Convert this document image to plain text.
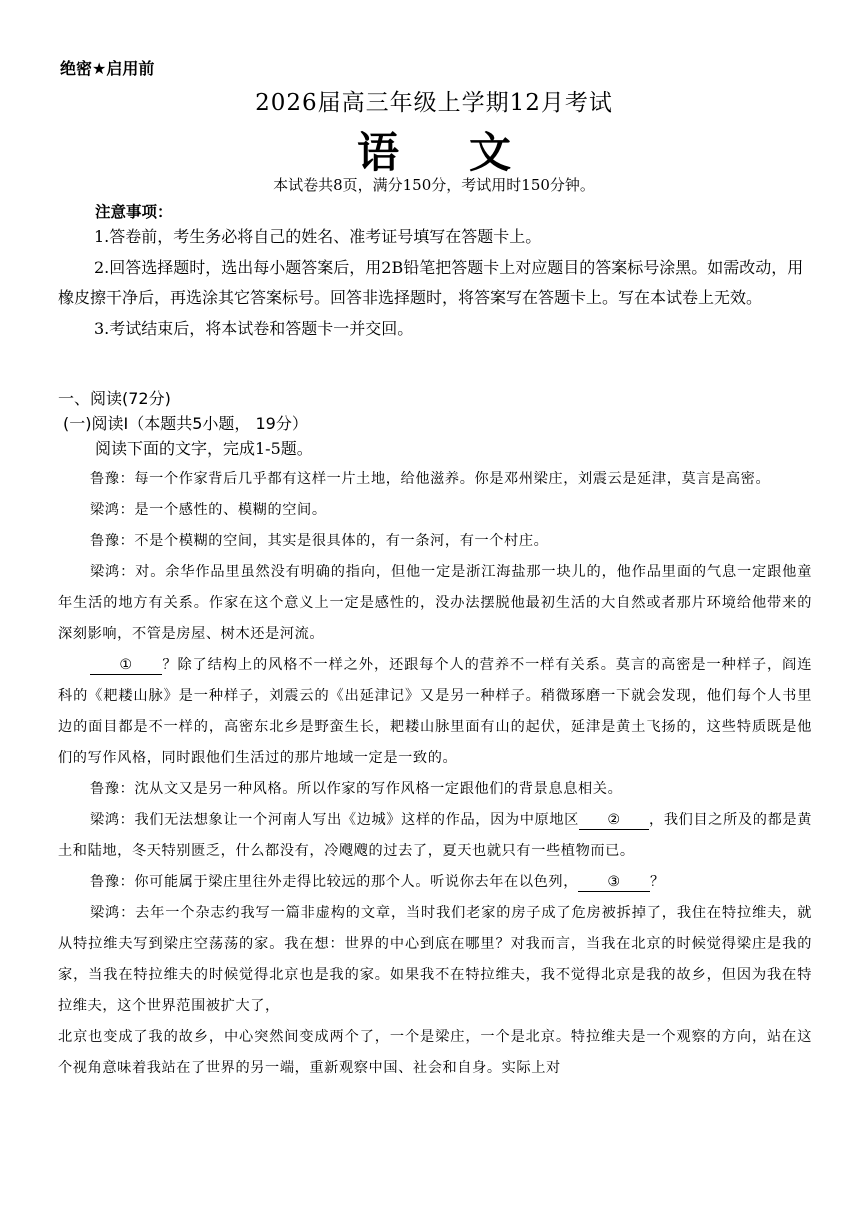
绝密★启用前
2026届高三年级上学期12月考试
语文
本试卷共8页，满分150分，考试用时150分钟。
注意事项：

1.答卷前，考生务必将自己的姓名、准考证号填写在答题卡上。

2.回答选择题时，选出每小题答案后，用2B铅笔把答题卡上对应题目的答案标号涂黑。如需改动，用橡皮擦干净后，再选涂其它答案标号。回答非选择题时，将答案写在答题卡上。写在本试卷上无效。

3.考试结束后，将本试卷和答题卡一并交回。

一、阅读(72分)
(一)阅读Ⅰ（本题共5小题， 19分）
阅读下面的文字，完成1-5题。

鲁豫：每一个作家背后几乎都有这样一片土地，给他滋养。你是邓州梁庄，刘震云是延津，莫言是高密。

梁鸿：是一个感性的、模糊的空间。

鲁豫：不是个模糊的空间，其实是很具体的，有一条河，有一个村庄。

梁鸿：对。余华作品里虽然没有明确的指向，但他一定是浙江海盐那一块儿的，他作品里面的气息一定跟他童年生活的地方有关系。作家在这个意义上一定是感性的，没办法摆脱他最初生活的大自然或者那片环境给他带来的深刻影响，不管是房屋、树木还是河流。

① ？除了结构上的风格不一样之外，还跟每个人的营养不一样有关系。莫言的高密是一种样子，阎连科的《耙耧山脉》是一种样子，刘震云的《出延津记》又是另一种样子。稍微琢磨一下就会发现，他们每个人书里边的面目都是不一样的，高密东北乡是野蛮生长，耙耧山脉里面有山的起伏，延津是黄土飞扬的，这些特质既是他们的写作风格，同时跟他们生活过的那片地域一定是一致的。

鲁豫：沈从文又是另一种风格。所以作家的写作风格一定跟他们的背景息息相关。

梁鸿：我们无法想象让一个河南人写出《边城》这样的作品，因为中原地区 ② ，我们目之所及的都是黄土和陆地，冬天特别匮乏，什么都没有，冷飕飕的过去了，夏天也就只有一些植物而已。

鲁豫：你可能属于梁庄里往外走得比较远的那个人。听说你去年在以色列， ③ ？

梁鸿：去年一个杂志约我写一篇非虚构的文章，当时我们老家的房子成了危房被拆掉了，我住在特拉维夫，就从特拉维夫写到梁庄空荡荡的家。我在想：世界的中心到底在哪里？对我而言，当我在北京的时候觉得梁庄是我的家，当我在特拉维夫的时候觉得北京也是我的家。如果我不在特拉维夫，我不觉得北京是我的故乡，但因为我在特拉维夫，这个世界范围被扩大了，

北京也变成了我的故乡，中心突然间变成两个了，一个是梁庄，一个是北京。特拉维夫是一个观察的方向，站在这个视角意味着我站在了世界的另一端，重新观察中国、社会和自身。实际上对
